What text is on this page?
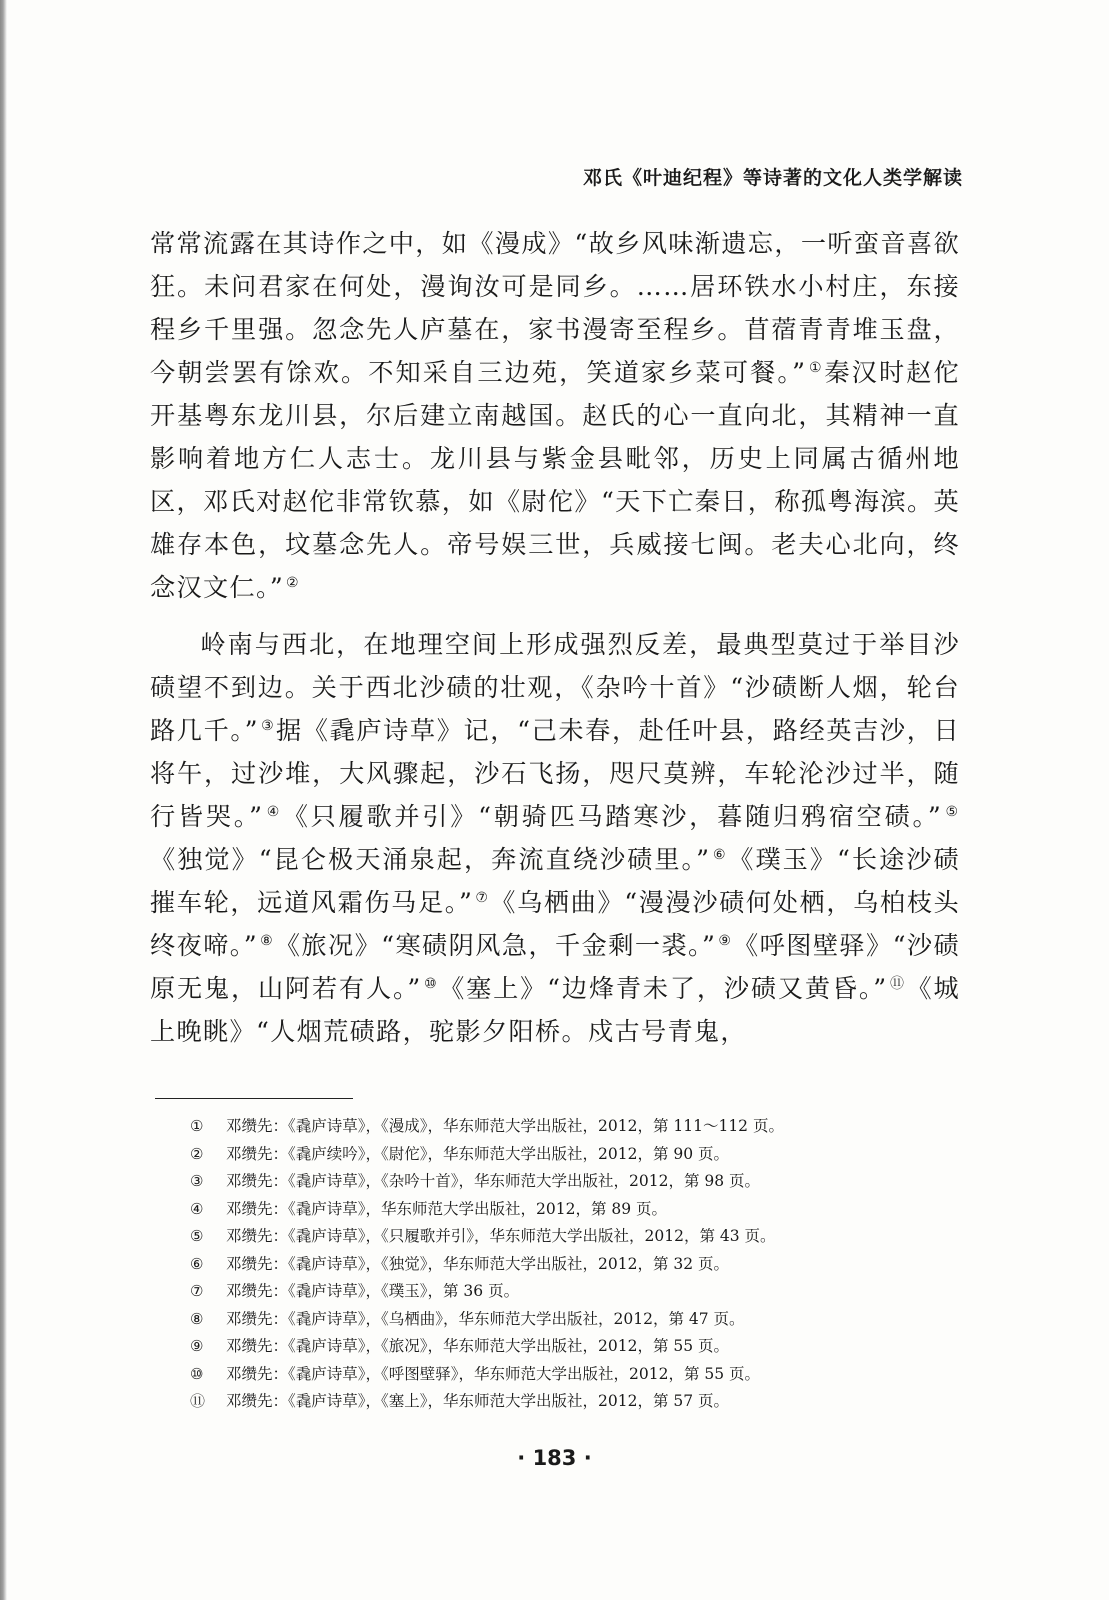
邓氏《叶迪纪程》等诗著的文化人类学解读

常常流露在其诗作之中，如《漫成》“故乡风味渐遗忘，一听蛮音喜欲狂。未问君家在何处，漫询汝可是同乡。……居环铁水小村庄，东接程乡千里强。忽念先人庐墓在，家书漫寄至程乡。苜蓿青青堆玉盘，今朝尝罢有馀欢。不知采自三边苑，笑道家乡菜可餐。” ①秦汉时赵佗开基粤东龙川县，尔后建立南越国。赵氏的心一直向北，其精神一直影响着地方仁人志士。龙川县与紫金县毗邻，历史上同属古循州地区，邓氏对赵佗非常钦慕，如《尉佗》“天下亡秦日，称孤粤海滨。英雄存本色，坟墓念先人。帝号娱三世，兵威接七闽。老夫心北向，终念汉文仁。” ②

岭南与西北，在地理空间上形成强烈反差，最典型莫过于举目沙碛望不到边。关于西北沙碛的壮观，《杂吟十首》“沙碛断人烟，轮台路几千。” ③据《毳庐诗草》记，“己未春，赴任叶县，路经英吉沙，日将午，过沙堆，大风骤起，沙石飞扬，咫尺莫辨，车轮沦沙过半，随行皆哭。” ④《只履歌并引》“朝骑匹马踏寒沙，暮随归鸦宿空碛。” ⑤《独觉》“昆仑极天涌泉起，奔流直绕沙碛里。” ⑥《璞玉》“长途沙碛摧车轮，远道风霜伤马足。” ⑦《乌栖曲》“漫漫沙碛何处栖，乌柏枝头终夜啼。” ⑧《旅况》“寒碛阴风急，千金剩一裘。” ⑨《呼图壁驿》“沙碛原无鬼，山阿若有人。” ⑩《塞上》“边烽青未了，沙碛又黄昏。” ⑪《城上晚眺》“人烟荒碛路，驼影夕阳桥。戍古号青鬼，

①	邓缵先：《毳庐诗草》，《漫成》，华东师范大学出版社，2012，第 111～112 页。
②	邓缵先：《毳庐续吟》，《尉佗》，华东师范大学出版社，2012，第 90 页。
③	邓缵先：《毳庐诗草》，《杂吟十首》，华东师范大学出版社，2012，第 98 页。
④	邓缵先：《毳庐诗草》，华东师范大学出版社，2012，第 89 页。
⑤	邓缵先：《毳庐诗草》，《只履歌并引》，华东师范大学出版社，2012，第 43 页。
⑥	邓缵先：《毳庐诗草》，《独觉》，华东师范大学出版社，2012，第 32 页。
⑦	邓缵先：《毳庐诗草》，《璞玉》，第 36 页。
⑧	邓缵先：《毳庐诗草》，《乌栖曲》，华东师范大学出版社，2012，第 47 页。
⑨	邓缵先：《毳庐诗草》，《旅况》，华东师范大学出版社，2012，第 55 页。
⑩	邓缵先：《毳庐诗草》，《呼图壁驿》，华东师范大学出版社，2012，第 55 页。
⑪	邓缵先：《毳庐诗草》，《塞上》，华东师范大学出版社，2012，第 57 页。
· 183 ·
